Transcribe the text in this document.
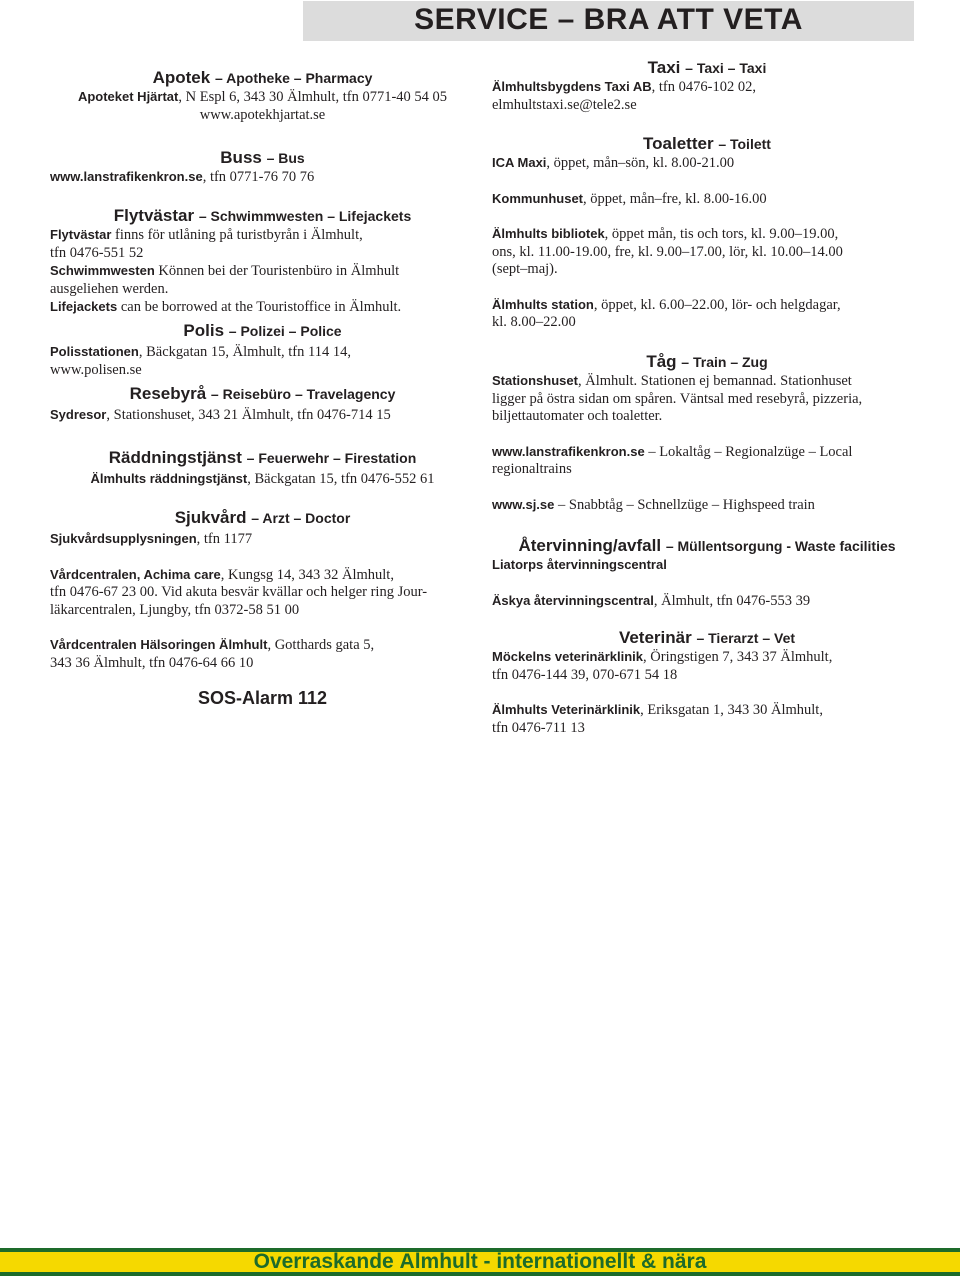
SERVICE – BRA ATT VETA
Apotek – Apotheke – Pharmacy
Apoteket Hjärtat, N Espl 6, 343 30 Älmhult, tfn 0771-40 54 05
www.apotekhjartat.se
Buss – Bus
www.lanstrafikenkron.se, tfn 0771-76 70 76
Flytvästar – Schwimmwesten – Lifejackets
Flytvästar finns för utlåning på turistbyrån i Älmhult,
tfn 0476-551 52
Schwimmwesten Können bei der Touristenbüro in Älmhult
ausgeliehen werden.
Lifejackets can be borrowed at the Touristoffice in Älmhult.
Polis – Polizei – Police
Polisstationen, Bäckgatan 15, Älmhult, tfn 114 14,
www.polisen.se
Resebyrå – Reisebüro – Travelagency
Sydresor, Stationshuset, 343 21 Älmhult, tfn 0476-714 15
Räddningstjänst – Feuerwehr – Firestation
Älmhults räddningstjänst, Bäckgatan 15, tfn 0476-552 61
Sjukvård – Arzt – Doctor
Sjukvårdsupplysningen, tfn 1177
Vårdcentralen, Achima care, Kungsg 14, 343 32 Älmhult,
tfn 0476-67 23 00. Vid akuta besvär kvällar och helger ring Jour-
läkarcentralen, Ljungby, tfn 0372-58 51 00
Vårdcentralen Hälsoringen Älmhult, Gotthards gata 5,
343 36 Älmhult, tfn 0476-64 66 10
SOS-Alarm 112
Taxi – Taxi – Taxi
Älmhultsbygdens Taxi AB, tfn 0476-102 02,
elmhultstaxi.se@tele2.se
Toaletter – Toilett
ICA Maxi, öppet, mån–sön, kl. 8.00-21.00
Kommunhuset, öppet, mån–fre, kl. 8.00-16.00
Älmhults bibliotek, öppet mån, tis och tors, kl. 9.00–19.00,
ons, kl. 11.00-19.00, fre, kl. 9.00–17.00, lör, kl. 10.00–14.00
(sept–maj).
Älmhults station, öppet, kl. 6.00–22.00, lör- och helgdagar,
kl. 8.00–22.00
Tåg – Train – Zug
Stationshuset, Älmhult. Stationen ej bemannad. Stationhuset
ligger på östra sidan om spåren. Väntsal med resebyrå, pizzeria,
biljettautomater och toaletter.
www.lanstrafikenkron.se – Lokaltåg – Regionalzüge – Local
regionaltrains
www.sj.se – Snabbtåg – Schnellzüge – Highspeed train
Återvinning/avfall – Müllentsorgung - Waste facilities
Liatorps återvinningscentral
Äskya återvinningscentral, Älmhult, tfn 0476-553 39
Veterinär – Tierarzt – Vet
Möckelns veterinärklinik, Öringstigen 7, 343 37 Älmhult,
tfn 0476-144 39, 070-671 54 18
Älmhults Veterinärklinik, Eriksgatan 1, 343 30 Älmhult,
tfn 0476-711 13
Överraskande Älmhult - internationellt & nära
